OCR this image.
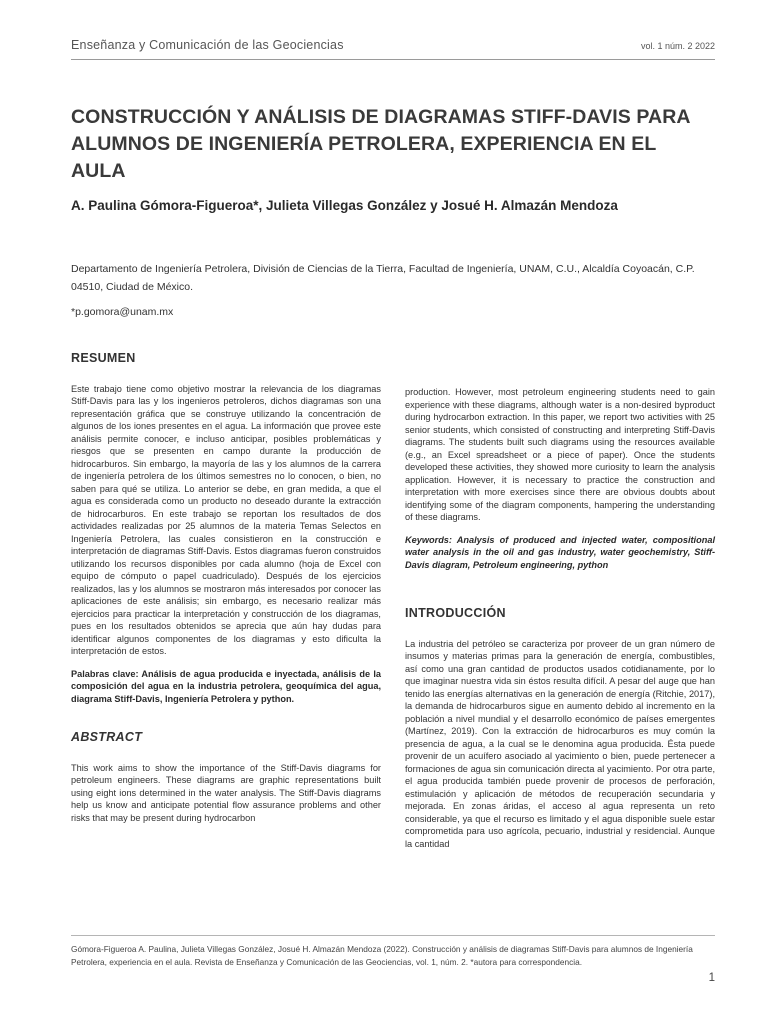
Enseñanza y Comunicación de las Geociencias	vol. 1 núm. 2 2022
CONSTRUCCIÓN Y ANÁLISIS DE DIAGRAMAS STIFF-DAVIS PARA ALUMNOS DE INGENIERÍA PETROLERA, EXPERIENCIA EN EL AULA

A. Paulina Gómora-Figueroa*, Julieta Villegas González y Josué H. Almazán Mendoza

Departamento de Ingeniería Petrolera, División de Ciencias de la Tierra, Facultad de Ingeniería, UNAM, C.U., Alcaldía Coyoacán, C.P. 04510, Ciudad de México.

*p.gomora@unam.mx

RESUMEN

Este trabajo tiene como objetivo mostrar la relevancia de los diagramas Stiff-Davis para las y los ingenieros petroleros, dichos diagramas son una representación gráfica que se construye utilizando la concentración de algunos de los iones presentes en el agua. La información que provee este análisis permite conocer, e incluso anticipar, posibles problemáticas y riesgos que se presenten en campo durante la producción de hidrocarburos. Sin embargo, la mayoría de las y los alumnos de la carrera de ingeniería petrolera de los últimos semestres no lo conocen, o bien, no saben para qué se utiliza. Lo anterior se debe, en gran medida, a que el agua es considerada como un producto no deseado durante la extracción de hidrocarburos. En este trabajo se reportan los resultados de dos actividades realizadas por 25 alumnos de la materia Temas Selectos en Ingeniería Petrolera, las cuales consistieron en la construcción e interpretación de diagramas Stiff-Davis. Estos diagramas fueron construidos utilizando los recursos disponibles por cada alumno (hoja de Excel con equipo de cómputo o papel cuadriculado). Después de los ejercicios realizados, las y los alumnos se mostraron más interesados por conocer las aplicaciones de este análisis; sin embargo, es necesario realizar más ejercicios para practicar la interpretación y construcción de los diagramas, pues en los resultados obtenidos se aprecia que aún hay dudas para identificar algunos componentes de los diagramas y esto dificulta la interpretación de estos.

Palabras clave: Análisis de agua producida e inyectada, análisis de la composición del agua en la industria petrolera, geoquímica del agua, diagrama Stiff-Davis, Ingeniería Petrolera y python.

ABSTRACT

This work aims to show the importance of the Stiff-Davis diagrams for petroleum engineers. These diagrams are graphic representations built using eight ions determined in the water analysis. The Stiff-Davis diagrams help us know and anticipate potential flow assurance problems and other risks that may be present during hydrocarbon

production. However, most petroleum engineering students need to gain experience with these diagrams, although water is a non-desired byproduct during hydrocarbon extraction. In this paper, we report two activities with 25 senior students, which consisted of constructing and interpreting Stiff-Davis diagrams. The students built such diagrams using the resources available (e.g., an Excel spreadsheet or a piece of paper). Once the students developed these activities, they showed more curiosity to learn the analysis application. However, it is necessary to practice the construction and interpretation with more exercises since there are obvious doubts about identifying some of the diagram components, hampering the understanding of these diagrams.

Keywords: Analysis of produced and injected water, compositional water analysis in the oil and gas industry, water geochemistry, Stiff-Davis diagram, Petroleum engineering, python

INTRODUCCIÓN

La industria del petróleo se caracteriza por proveer de un gran número de insumos y materias primas para la generación de energía, combustibles, así como una gran cantidad de productos usados cotidianamente, por lo que imaginar nuestra vida sin éstos resulta difícil. A pesar del auge que han tenido las energías alternativas en la generación de energía (Ritchie, 2017), la demanda de hidrocarburos sigue en aumento debido al incremento en la población a nivel mundial y el desarrollo económico de países emergentes (Martínez, 2019). Con la extracción de hidrocarburos es muy común la presencia de agua, a la cual se le denomina agua producida. Ésta puede provenir de un acuífero asociado al yacimiento o bien, puede pertenecer a formaciones de agua sin comunicación directa al yacimiento. Por otra parte, el agua producida también puede provenir de procesos de perforación, estimulación y aplicación de métodos de recuperación secundaria y mejorada. En zonas áridas, el acceso al agua representa un reto considerable, ya que el recurso es limitado y el agua disponible suele estar comprometida para uso agrícola, pecuario, industrial y residencial. Aunque la cantidad

Gómora-Figueroa A. Paulina, Julieta Villegas González, Josué H. Almazán Mendoza (2022). Construcción y análisis de diagramas Stiff-Davis para alumnos de Ingeniería Petrolera, experiencia en el aula. Revista de Enseñanza y Comunicación de las Geociencias, vol. 1, núm. 2. *autora para correspondencia.

1
